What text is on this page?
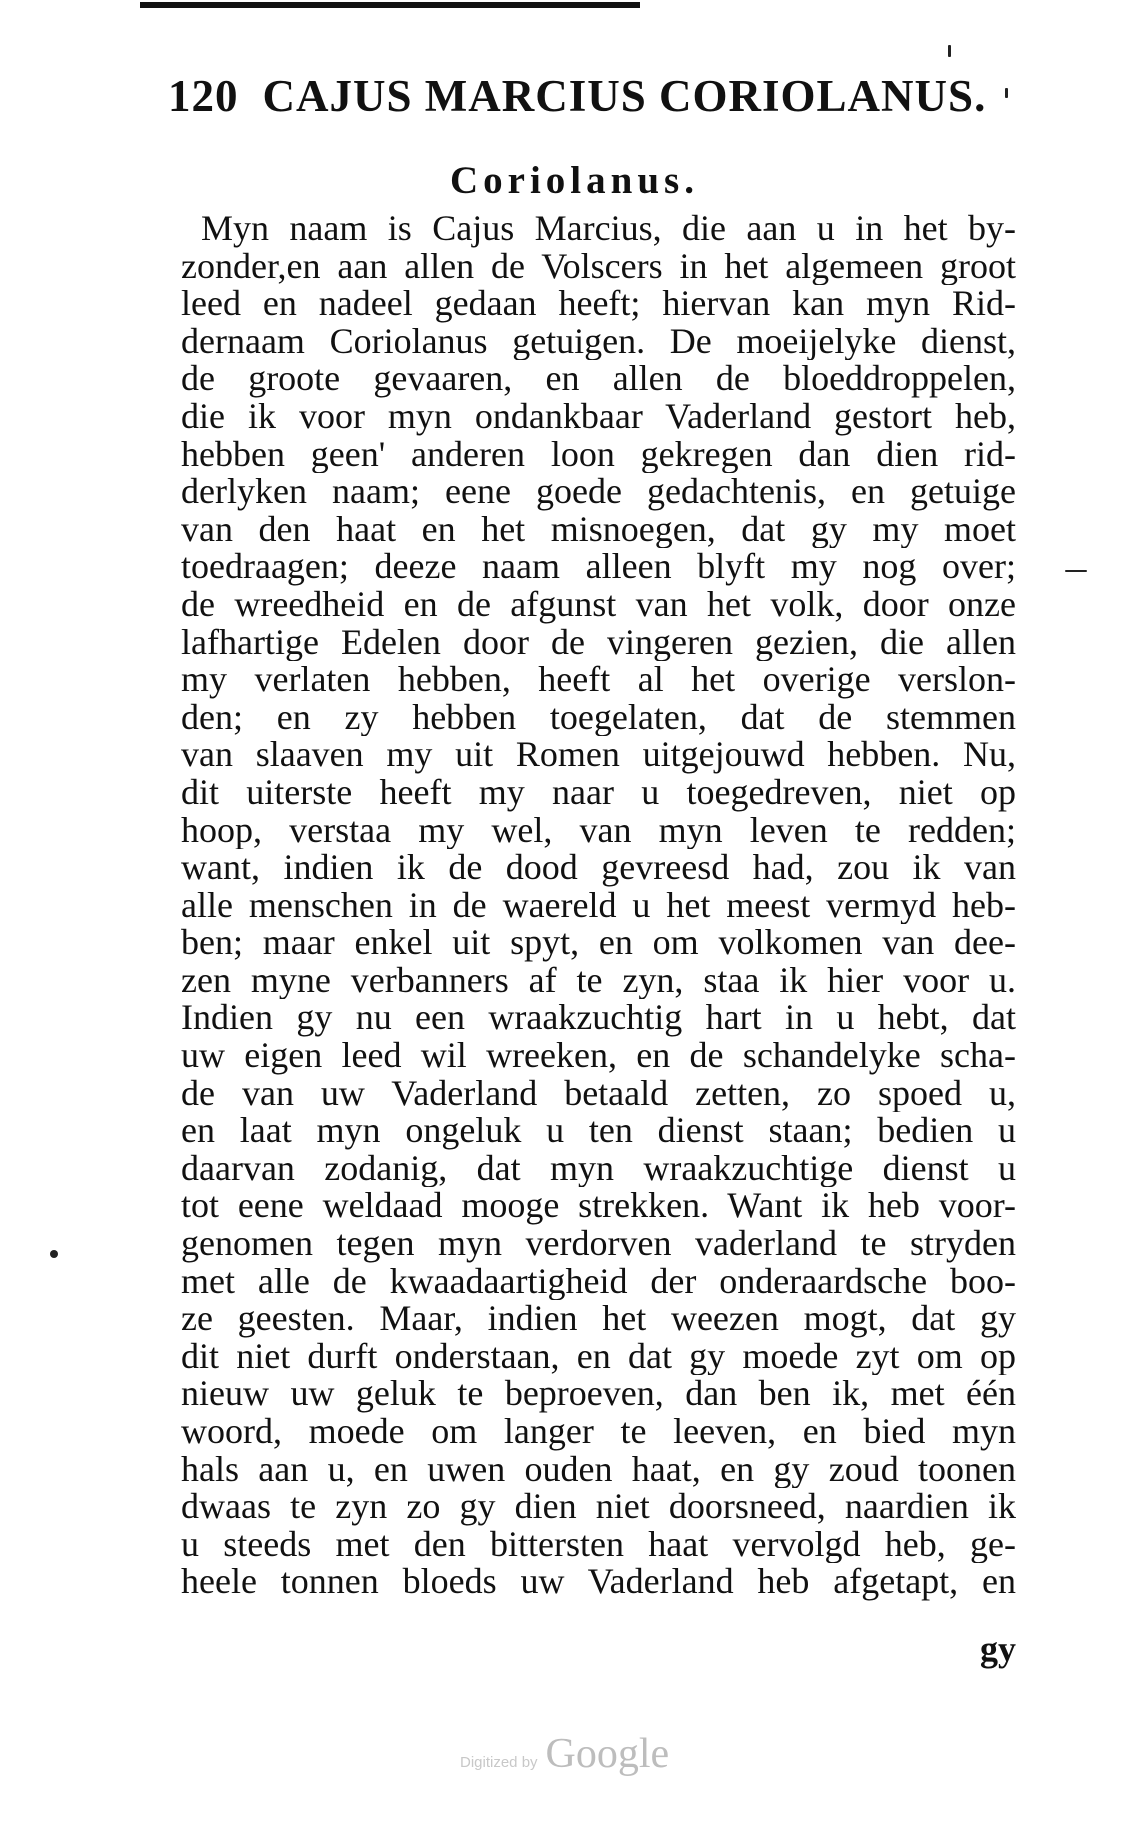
120 CAJUS MARCIUS CORIOLANUS.
Coriolanus.
Myn naam is Cajus Marcius, die aan u in het by-
zonder,en aan allen de Volscers in het algemeen groot
leed en nadeel gedaan heeft; hiervan kan myn Rid-
dernaam Coriolanus getuigen. De moeijelyke dienst,
de groote gevaaren, en allen de bloeddroppelen,
die ik voor myn ondankbaar Vaderland gestort heb,
hebben geen' anderen loon gekregen dan dien rid-
derlyken naam; eene goede gedachtenis, en getuige
van den haat en het misnoegen, dat gy my moet
toedraagen; deeze naam alleen blyft my nog over;
de wreedheid en de afgunst van het volk, door onze
lafhartige Edelen door de vingeren gezien, die allen
my verlaten hebben, heeft al het overige verslon-
den; en zy hebben toegelaten, dat de stemmen
van slaaven my uit Romen uitgejouwd hebben. Nu,
dit uiterste heeft my naar u toegedreven, niet op
hoop, verstaa my wel, van myn leven te redden;
want, indien ik de dood gevreesd had, zou ik van
alle menschen in de waereld u het meest vermyd heb-
ben; maar enkel uit spyt, en om volkomen van dee-
zen myne verbanners af te zyn, staa ik hier voor u.
Indien gy nu een wraakzuchtig hart in u hebt, dat
uw eigen leed wil wreeken, en de schandelyke scha-
de van uw Vaderland betaald zetten, zo spoed u,
en laat myn ongeluk u ten dienst staan; bedien u
daarvan zodanig, dat myn wraakzuchtige dienst u
tot eene weldaad mooge strekken. Want ik heb voor-
genomen tegen myn verdorven vaderland te stryden
met alle de kwaadaartigheid der onderaardsche boo-
ze geesten. Maar, indien het weezen mogt, dat gy
dit niet durft onderstaan, en dat gy moede zyt om op
nieuw uw geluk te beproeven, dan ben ik, met één
woord, moede om langer te leeven, en bied myn
hals aan u, en uwen ouden haat, en gy zoud toonen
dwaas te zyn zo gy dien niet doorsneed, naardien ik
u steeds met den bittersten haat vervolgd heb, ge-
heele tonnen bloeds uw Vaderland heb afgetapt, en
gy
Digitized by Google
